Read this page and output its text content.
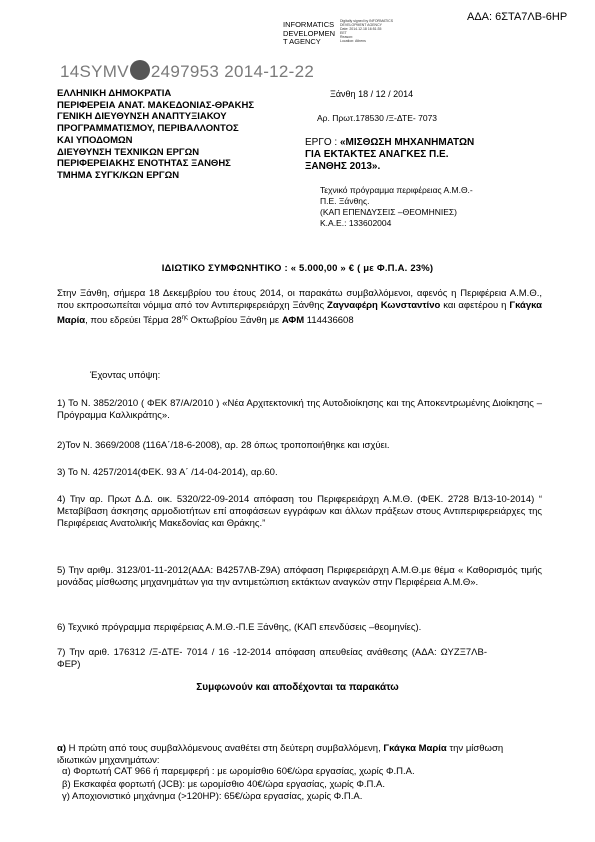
ΑΔΑ: 6ΣΤΑ7ΛΒ-6ΗΡ
INFORMATICS
DEVELOPMEN
T AGENCY
Digitally signed by INFORMATICS
DEVELOPMENT AGENCY
Date: 2014.12.18 16:51:35
EET
Reason:
Location: Athens
14SYMV 2497953 2014-12-22
ΕΛΛΗΝΙΚΗ ΔΗΜΟΚΡΑΤΙΑ
ΠΕΡΙΦΕΡΕΙΑ ΑΝΑΤ. ΜΑΚΕΔΟΝΙΑΣ-ΘΡΑΚΗΣ
ΓΕΝΙΚΗ ΔΙΕΥΘΥΝΣΗ ΑΝΑΠΤΥΞΙΑΚΟΥ
ΠΡΟΓΡΑΜΜΑΤΙΣΜΟΥ, ΠΕΡΙΒΑΛΛΟΝΤΟΣ
ΚΑΙ ΥΠΟΔΟΜΩΝ
ΔΙΕΥΘΥΝΣΗ ΤΕΧΝΙΚΩΝ ΕΡΓΩΝ
ΠΕΡΙΦΕΡΕΙΑΚΗΣ ΕΝΟΤΗΤΑΣ ΞΑΝΘΗΣ
ΤΜΗΜΑ ΣΥΓΚ/ΚΩΝ ΕΡΓΩΝ
Ξάνθη 18 / 12 / 2014
Αρ. Πρωτ.178530 /Ξ-ΔΤΕ- 7073
ΕΡΓΟ : «ΜΙΣΘΩΣΗ ΜΗΧΑΝΗΜΑΤΩΝ
ΓΙΑ ΕΚΤΑΚΤΕΣ ΑΝΑΓΚΕΣ Π.Ε.
ΞΑΝΘΗΣ 2013».
Τεχνικό πρόγραμμα περιφέρειας Α.Μ.Θ.-
Π.Ε. Ξάνθης.
(ΚΑΠ ΕΠΕΝΔΥΣΕΙΣ –ΘΕΟΜΗΝΙΕΣ)
Κ.Α.Ε.: 133602004
ΙΔΙΩΤΙΚΟ ΣΥΜΦΩΝΗΤΙΚΟ : « 5.000,00 » € ( με Φ.Π.Α. 23%)
Στην Ξάνθη, σήμερα 18 Δεκεμβρίου του έτους 2014, οι παρακάτω συμβαλλόμενοι, αφενός η Περιφέρεια Α.Μ.Θ., που εκπροσωπείται νόμιμα από τον Αντιπεριφερειάρχη Ξάνθης Ζαγναφέρη Κωνσταντίνο και αφετέρου η Γκάγκα Μαρία, που εδρεύει Τέρμα $28^{\eta\varsigma}$ Οκτωβρίου Ξάνθη με ΑΦΜ 114436608
Έχοντας υπόψη:
1) Το Ν. 3852/2010 ( ΦΕΚ 87/Α/2010 ) «Νέα Αρχιτεκτονική της Αυτοδιοίκησης και της Αποκεντρωμένης Διοίκησης –Πρόγραμμα Καλλικράτης».
2)Τον Ν. 3669/2008 (116Α΄/18-6-2008), αρ. 28 όπως τροποποιήθηκε και ισχύει.
3) Το Ν. 4257/2014(ΦΕΚ. 93 Α΄ /14-04-2014), αρ.60.
4) Την αρ. Πρωτ Δ.Δ. οικ. 5320/22-09-2014 απόφαση του Περιφερειάρχη Α.Μ.Θ. (ΦΕΚ. 2728 Β/13-10-2014) “ Μεταβίβαση άσκησης αρμοδιοτήτων επί αποφάσεων εγγράφων και άλλων πράξεων στους Αντιπεριφερειάρχες της Περιφέρειας Ανατολικής Μακεδονίας και Θράκης.”
5) Την αριθμ. 3123/01-11-2012(ΑΔΑ: Β4257ΛΒ-Ζ9Α) απόφαση Περιφερειάρχη Α.Μ.Θ.με θέμα « Καθορισμός τιμής μονάδας μίσθωσης μηχανημάτων για την αντιμετώπιση εκτάκτων αναγκών στην Περιφέρεια Α.Μ.Θ».
6) Τεχνικό πρόγραμμα περιφέρειας Α.Μ.Θ.-Π.Ε Ξάνθης, (ΚΑΠ επενδύσεις –θεομηνίες).
7) Την αριθ. 176312 /Ξ-ΔΤΕ- 7014 / 16 -12-2014 απόφαση απευθείας ανάθεσης (ΑΔΑ: ΩΥΖΞ7ΛΒ-ΦΕΡ)
Συμφωνούν και αποδέχονται τα παρακάτω
α) Η πρώτη από τους συμβαλλόμενους αναθέτει στη δεύτερη συμβαλλόμενη, Γκάγκα Μαρία την μίσθωση ιδιωτικών μηχανημάτων:
α) Φορτωτή CAT 966 ή παρεμφερή : με ωρομίσθιο 60€/ώρα εργασίας, χωρίς Φ.Π.Α.
β) Εκσκαφέα φορτωτή (JCB): με ωρομίσθιο 40€/ώρα εργασίας, χωρίς Φ.Π.Α.
γ) Αποχιονιστικό μηχάνημα (>120ΗΡ): 65€/ώρα εργασίας, χωρίς Φ.Π.Α.
